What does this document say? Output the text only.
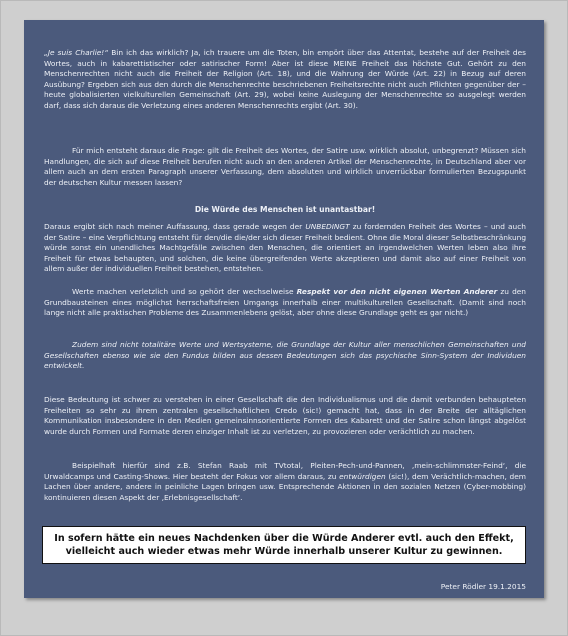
„Je suis Charlie!“ Bin ich das wirklich? Ja, ich trauere um die Toten, bin empört über das Attentat, bestehe auf der Freiheit des Wortes, auch in kabarettistischer oder satirischer Form! Aber ist diese MEINE Freiheit das höchste Gut. Gehört zu den Menschenrechten nicht auch die Freiheit der Religion (Art. 18), und die Wahrung der Würde (Art. 22) in Bezug auf deren Ausübung? Ergeben sich aus den durch die Menschenrechte beschriebenen Freiheitsrechte nicht auch Pflichten gegenüber der – heute globalisierten vielkulturellen Gemeinschaft (Art. 29), wobei keine Auslegung der Menschenrechte so ausgelegt werden darf, dass sich daraus die Verletzung eines anderen Menschenrechts ergibt (Art. 30).

Für mich entsteht daraus die Frage: gilt die Freiheit des Wortes, der Satire usw. wirklich absolut, unbegrenzt? Müssen sich Handlungen, die sich auf diese Freiheit berufen nicht auch an den anderen Artikel der Menschenrechte, in Deutschland aber vor allem auch an dem ersten Paragraph unserer Verfassung, dem absoluten und wirklich unverrückbar formulierten Bezugspunkt der deutschen Kultur messen lassen?

Die Würde des Menschen ist unantastbar!

Daraus ergibt sich nach meiner Auffassung, dass gerade wegen der UNBEDINGT zu fordernden Freiheit des Wortes – und auch der Satire – eine Verpflichtung entsteht für den/die die/der sich dieser Freiheit bedient. Ohne die Moral dieser Selbstbeschränkung würde sonst ein unendliches Machtgefälle zwischen den Menschen, die orientiert an irgendwelchen Werten leben also ihre Freiheit für etwas behaupten, und solchen, die keine übergreifenden Werte akzeptieren und damit also auf einer Freiheit von allem außer der individuellen Freiheit bestehen, entstehen.

Werte machen verletzlich und so gehört der wechselweise Respekt vor den nicht eigenen Werten Anderer zu den Grundbausteinen eines möglichst herrschaftsfreien Umgangs innerhalb einer multikulturellen Gesellschaft. (Damit sind noch lange nicht alle praktischen Probleme des Zusammenlebens gelöst, aber ohne diese Grundlage geht es gar nicht.)

Zudem sind nicht totalitäre Werte und Wertsysteme, die Grundlage der Kultur aller menschlichen Gemeinschaften und Gesellschaften ebenso wie sie den Fundus bilden aus dessen Bedeutungen sich das psychische Sinn-System der Individuen entwickelt.

Diese Bedeutung ist schwer zu verstehen in einer Gesellschaft die den Individualismus und die damit verbunden behaupteten Freiheiten so sehr zu ihrem zentralen gesellschaftlichen Credo (sic!) gemacht hat, dass in der Breite der alltäglichen Kommunikation insbesondere in den Medien gemeinsinnsorientierte Formen des Kabarett und der Satire schon längst abgelöst wurde durch Formen und Formate deren einziger Inhalt ist zu verletzen, zu provozieren oder verächtlich zu machen.

Beispielhaft hierfür sind z.B. Stefan Raab mit TVtotal, Pleiten-Pech-und-Pannen, ‚mein-schlimmster-Feind‘, die Urwaldcamps und Casting-Shows. Hier besteht der Fokus vor allem daraus, zu entwürdigen (sic!), dem Verächtlich-machen, dem Lachen über andere, andere in peinliche Lagen bringen usw. Entsprechende Aktionen in den sozialen Netzen (Cyber-mobbing) kontinuieren diesen Aspekt der ‚Erlebnisgesellschaft‘.

In sofern hätte ein neues Nachdenken über die Würde Anderer evtl. auch den Effekt, vielleicht auch wieder etwas mehr Würde innerhalb unserer Kultur zu gewinnen.
Peter Rödler 19.1.2015
